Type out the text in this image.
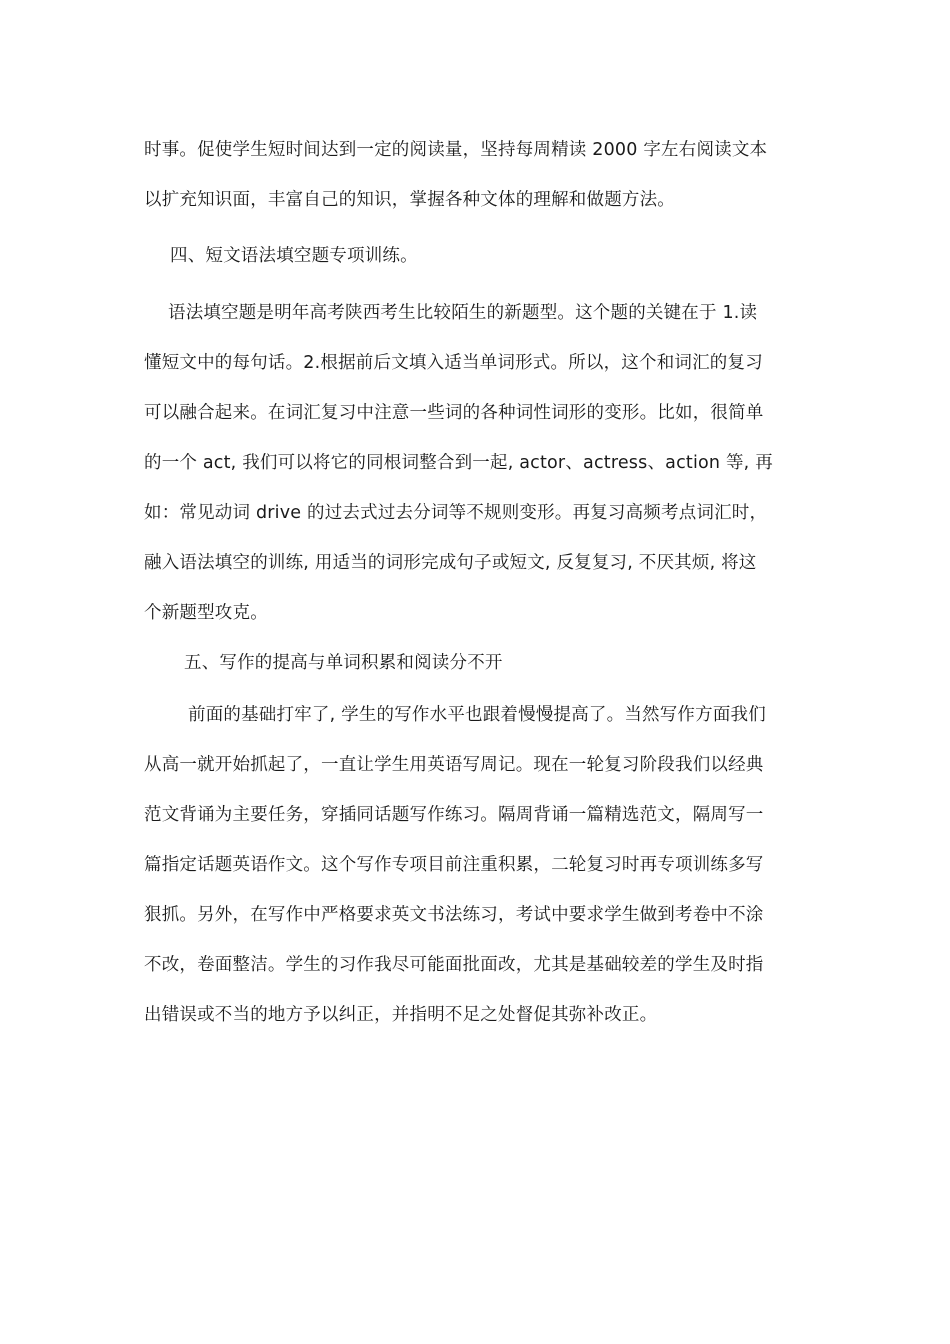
时事。促使学生短时间达到一定的阅读量，坚持每周精读 2000 字左右阅读文本
以扩充知识面，丰富自己的知识，掌握各种文体的理解和做题方法。
四、短文语法填空题专项训练。
语法填空题是明年高考陕西考生比较陌生的新题型。这个题的关键在于 1.读
懂短文中的每句话。2.根据前后文填入适当单词形式。所以，这个和词汇的复习
可以融合起来。在词汇复习中注意一些词的各种词性词形的变形。比如，很简单
的一个 act, 我们可以将它的同根词整合到一起, actor、actress、action 等, 再
如：常见动词 drive 的过去式过去分词等不规则变形。再复习高频考点词汇时，
融入语法填空的训练, 用适当的词形完成句子或短文, 反复复习, 不厌其烦, 将这
个新题型攻克。
五、写作的提高与单词积累和阅读分不开
前面的基础打牢了, 学生的写作水平也跟着慢慢提高了。当然写作方面我们
从高一就开始抓起了，一直让学生用英语写周记。现在一轮复习阶段我们以经典
范文背诵为主要任务，穿插同话题写作练习。隔周背诵一篇精选范文，隔周写一
篇指定话题英语作文。这个写作专项目前注重积累，二轮复习时再专项训练多写
狠抓。另外，在写作中严格要求英文书法练习，考试中要求学生做到考卷中不涂
不改，卷面整洁。学生的习作我尽可能面批面改，尤其是基础较差的学生及时指
出错误或不当的地方予以纠正，并指明不足之处督促其弥补改正。
